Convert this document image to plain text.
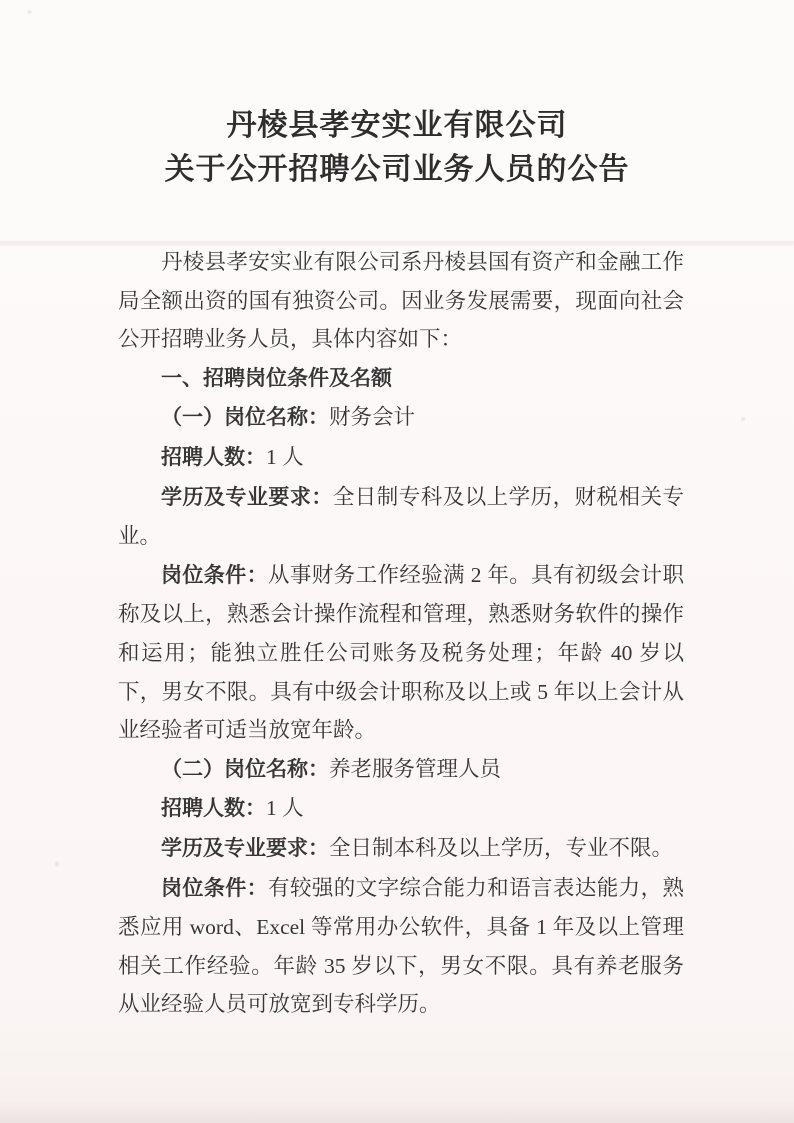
丹棱县孝安实业有限公司
关于公开招聘公司业务人员的公告

丹棱县孝安实业有限公司系丹棱县国有资产和金融工作局全额出资的国有独资公司。因业务发展需要，现面向社会公开招聘业务人员，具体内容如下：

一、招聘岗位条件及名额

（一）岗位名称：财务会计

招聘人数：1 人

学历及专业要求：全日制专科及以上学历，财税相关专业。

岗位条件：从事财务工作经验满 2 年。具有初级会计职称及以上，熟悉会计操作流程和管理，熟悉财务软件的操作和运用；能独立胜任公司账务及税务处理；年龄 40 岁以下，男女不限。具有中级会计职称及以上或 5 年以上会计从业经验者可适当放宽年龄。

（二）岗位名称：养老服务管理人员

招聘人数：1 人

学历及专业要求：全日制本科及以上学历，专业不限。

岗位条件：有较强的文字综合能力和语言表达能力，熟悉应用 word、Excel 等常用办公软件，具备 1 年及以上管理相关工作经验。年龄 35 岁以下，男女不限。具有养老服务从业经验人员可放宽到专科学历。
